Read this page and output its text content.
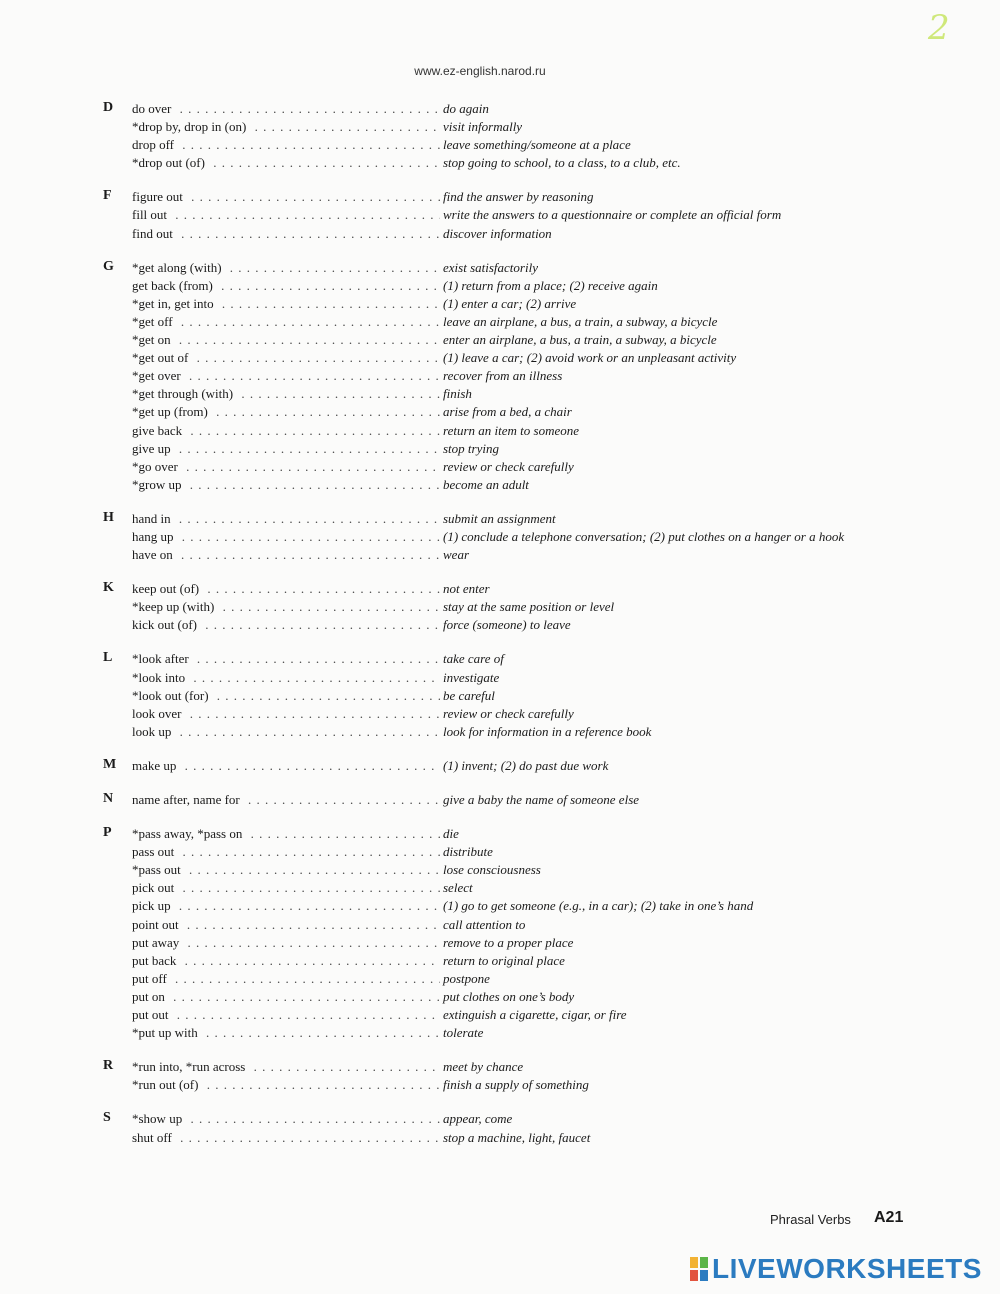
2
www.ez-english.narod.ru
D do over . . .	do again
*drop by, drop in (on) . . .	visit informally
drop off . . .	leave something/someone at a place
*drop out (of) . . .	stop going to school, to a class, to a club, etc.
F figure out . . .	find the answer by reasoning
fill out . . .	write the answers to a questionnaire or complete an official form
find out . . .	discover information
G *get along (with) . . .	exist satisfactorily
get back (from) . . .	(1) return from a place; (2) receive again
*get in, get into . . .	(1) enter a car; (2) arrive
*get off . . .	leave an airplane, a bus, a train, a subway, a bicycle
*get on . . .	enter an airplane, a bus, a train, a subway, a bicycle
*get out of . . .	(1) leave a car; (2) avoid work or an unpleasant activity
*get over . . .	recover from an illness
*get through (with) . . .	finish
*get up (from) . . .	arise from a bed, a chair
give back . . .	return an item to someone
give up . . .	stop trying
*go over . . .	review or check carefully
*grow up . . .	become an adult
H hand in . . .	submit an assignment
hang up . . .	(1) conclude a telephone conversation; (2) put clothes on a hanger or a hook
have on . . .	wear
K keep out (of) . . .	not enter
*keep up (with) . . .	stay at the same position or level
kick out (of) . . .	force (someone) to leave
L *look after . . .	take care of
*look into . . .	investigate
*look out (for) . . .	be careful
look over . . .	review or check carefully
look up . . .	look for information in a reference book
M make up . . .	(1) invent; (2) do past due work
N name after, name for . . .	give a baby the name of someone else
P *pass away, *pass on . . .	die
pass out . . .	distribute
*pass out . . .	lose consciousness
pick out . . .	select
pick up . . .	(1) go to get someone (e.g., in a car); (2) take in one’s hand
point out . . .	call attention to
put away . . .	remove to a proper place
put back . . .	return to original place
put off . . .	postpone
put on . . .	put clothes on one’s body
put out . . .	extinguish a cigarette, cigar, or fire
*put up with . . .	tolerate
R *run into, *run across . . .	meet by chance
*run out (of) . . .	finish a supply of something
S *show up . . .	appear, come
shut off . . .	stop a machine, light, faucet
Phrasal Verbs A21
LIVEWORKSHEETS
